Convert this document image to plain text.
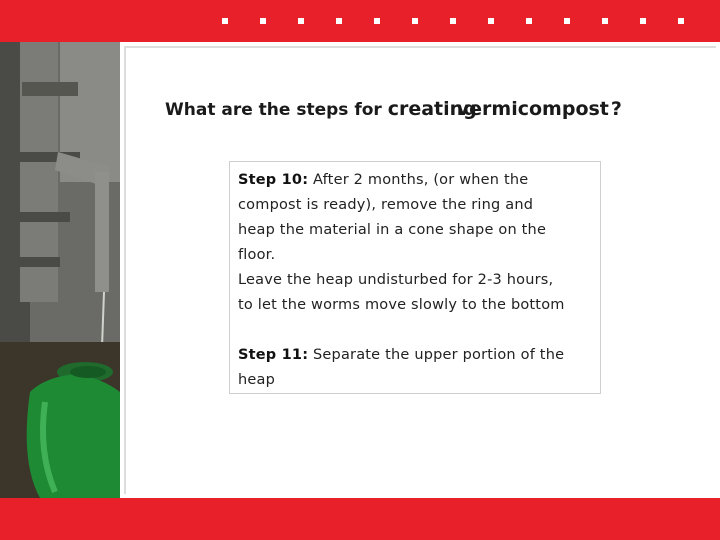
What are the steps for creatingvermicompost ?
Step 10: After 2 months, (or when the
compost is ready), remove the ring and
heap the material in a cone shape on the
floor.
Leave the heap undisturbed for 2-3 hours,
to let the worms move slowly to the bottom
Step 11: Separate the upper portion of the
heap
